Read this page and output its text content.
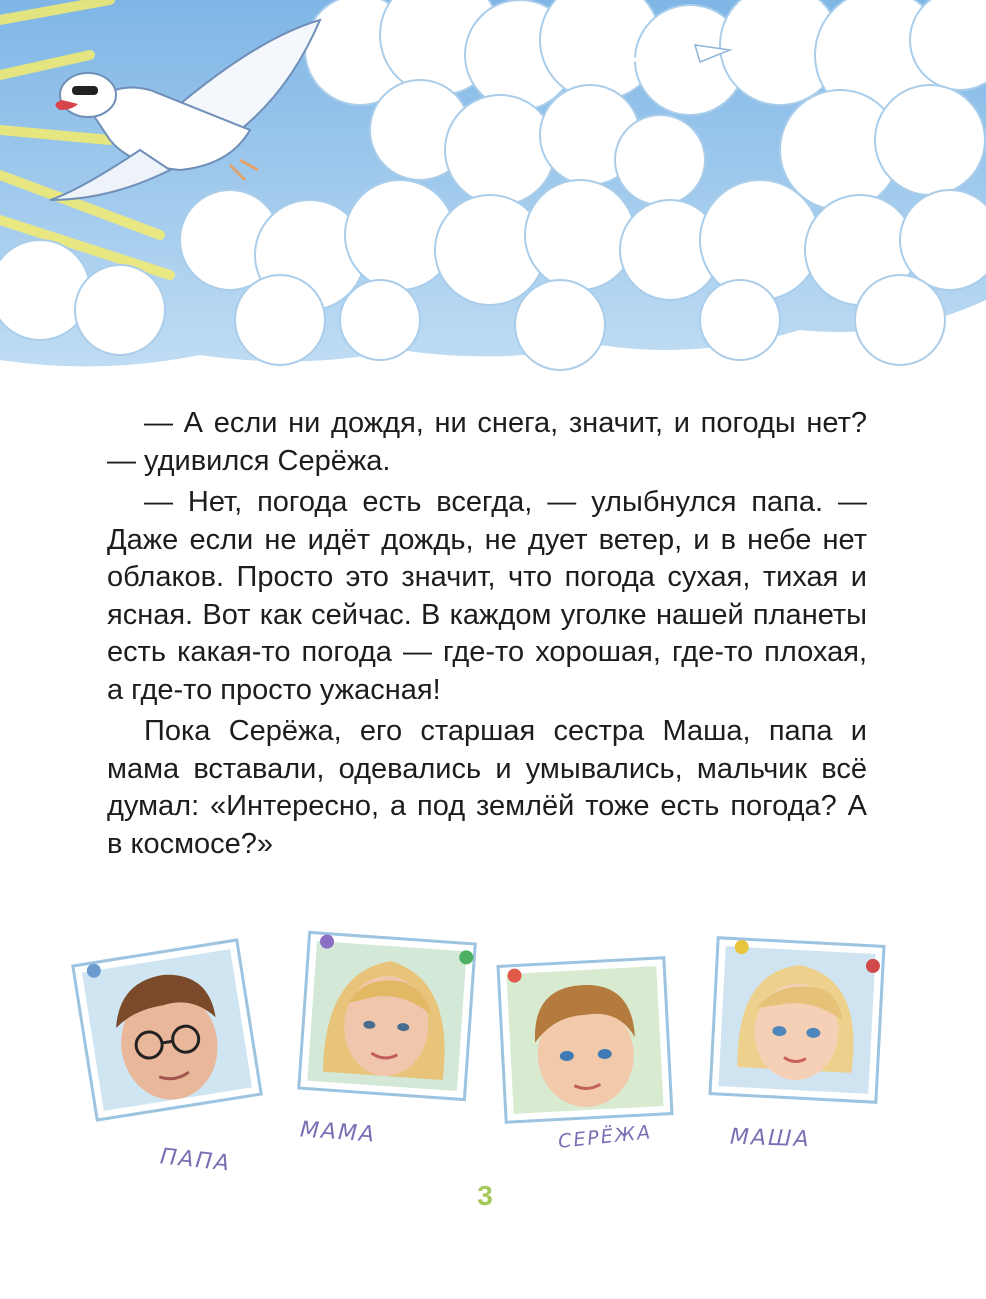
— А если ни дождя, ни снега, значит, и погоды нет? — удивился Серёжа.

— Нет, погода есть всегда, — улыбнулся папа. — Даже если не идёт дождь, не дует ветер, и в небе нет облаков. Просто это значит, что погода сухая, тихая и ясная. Вот как сейчас. В каждом уголке нашей планеты есть какая-то погода — где-то хорошая, где-то плохая, а где-то просто ужасная!

Пока Серёжа, его старшая сестра Маша, папа и мама вставали, одевались и умывались, мальчик всё думал: «Интересно, а под землёй тоже есть погода? А в космосе?»

ПАПА
МАМА	СЕРЁЖА	МАША
3
